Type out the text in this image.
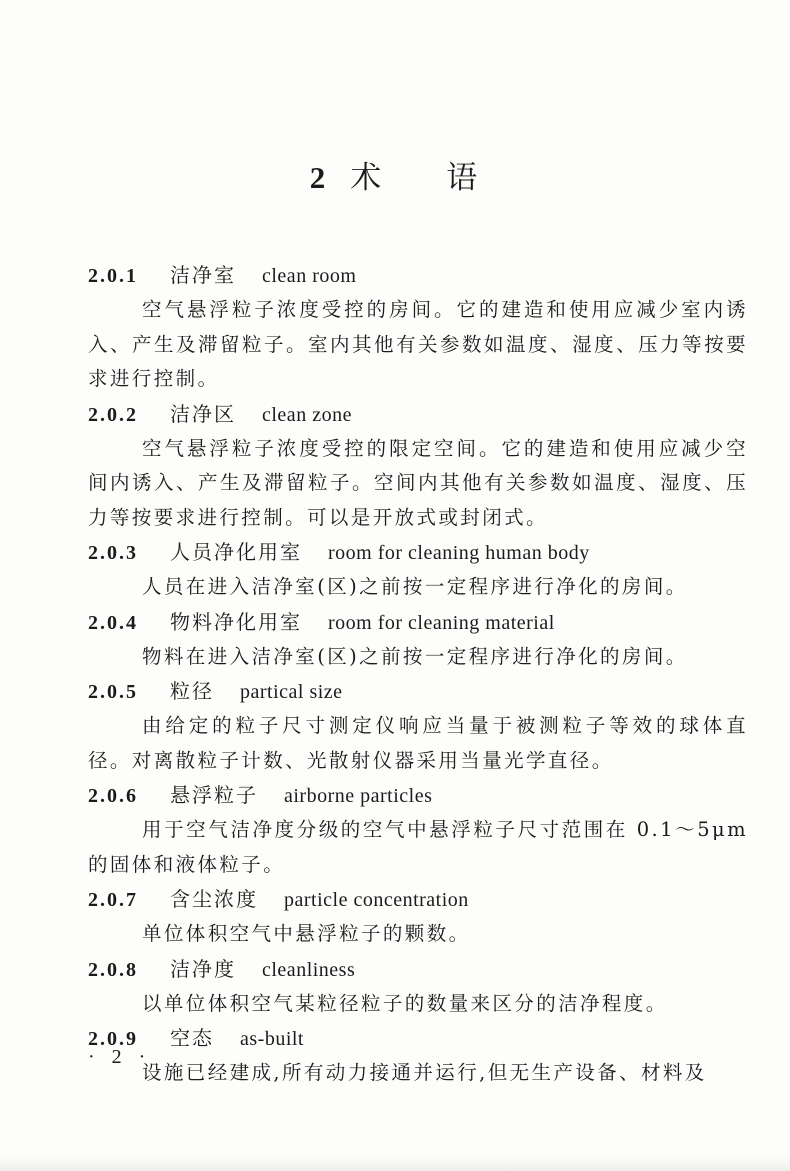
2 术 语
2.0.1 洁净室 clean room

空气悬浮粒子浓度受控的房间。它的建造和使用应减少室内诱入、产生及滞留粒子。室内其他有关参数如温度、湿度、压力等按要求进行控制。

2.0.2 洁净区 clean zone

空气悬浮粒子浓度受控的限定空间。它的建造和使用应减少空间内诱入、产生及滞留粒子。空间内其他有关参数如温度、湿度、压力等按要求进行控制。可以是开放式或封闭式。

2.0.3 人员净化用室 room for cleaning human body

人员在进入洁净室(区)之前按一定程序进行净化的房间。

2.0.4 物料净化用室 room for cleaning material

物料在进入洁净室(区)之前按一定程序进行净化的房间。

2.0.5 粒径 partical size

由给定的粒子尺寸测定仪响应当量于被测粒子等效的球体直径。对离散粒子计数、光散射仪器采用当量光学直径。

2.0.6 悬浮粒子 airborne particles

用于空气洁净度分级的空气中悬浮粒子尺寸范围在 0.1～5μm 的固体和液体粒子。

2.0.7 含尘浓度 particle concentration

单位体积空气中悬浮粒子的颗数。

2.0.8 洁净度 cleanliness

以单位体积空气某粒径粒子的数量来区分的洁净程度。

2.0.9 空态 as-built

设施已经建成,所有动力接通并运行,但无生产设备、材料及

· 2 ·
